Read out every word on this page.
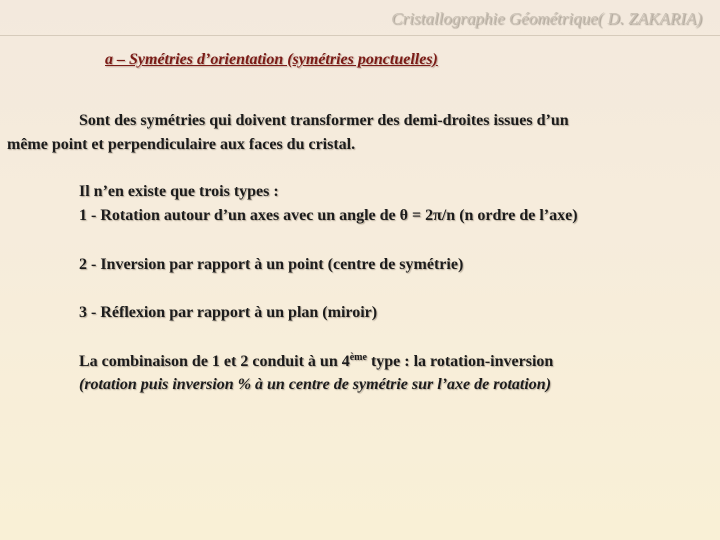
Cristallographie Géométrique( D. ZAKARIA)
a – Symétries d’orientation (symétries ponctuelles)
Sont des symétries qui doivent transformer des demi-droites issues d’un
même point et perpendiculaire aux faces du cristal.
Il n’en existe que trois types :
1 - Rotation autour d’un axes avec un angle de θ = 2π/n (n ordre de l’axe)
2 - Inversion par rapport à un point (centre de symétrie)
3 - Réflexion par rapport à un plan (miroir)
La combinaison de 1 et 2 conduit à un 4ème type : la rotation-inversion
(rotation puis inversion % à un centre de symétrie sur l’axe de rotation)
